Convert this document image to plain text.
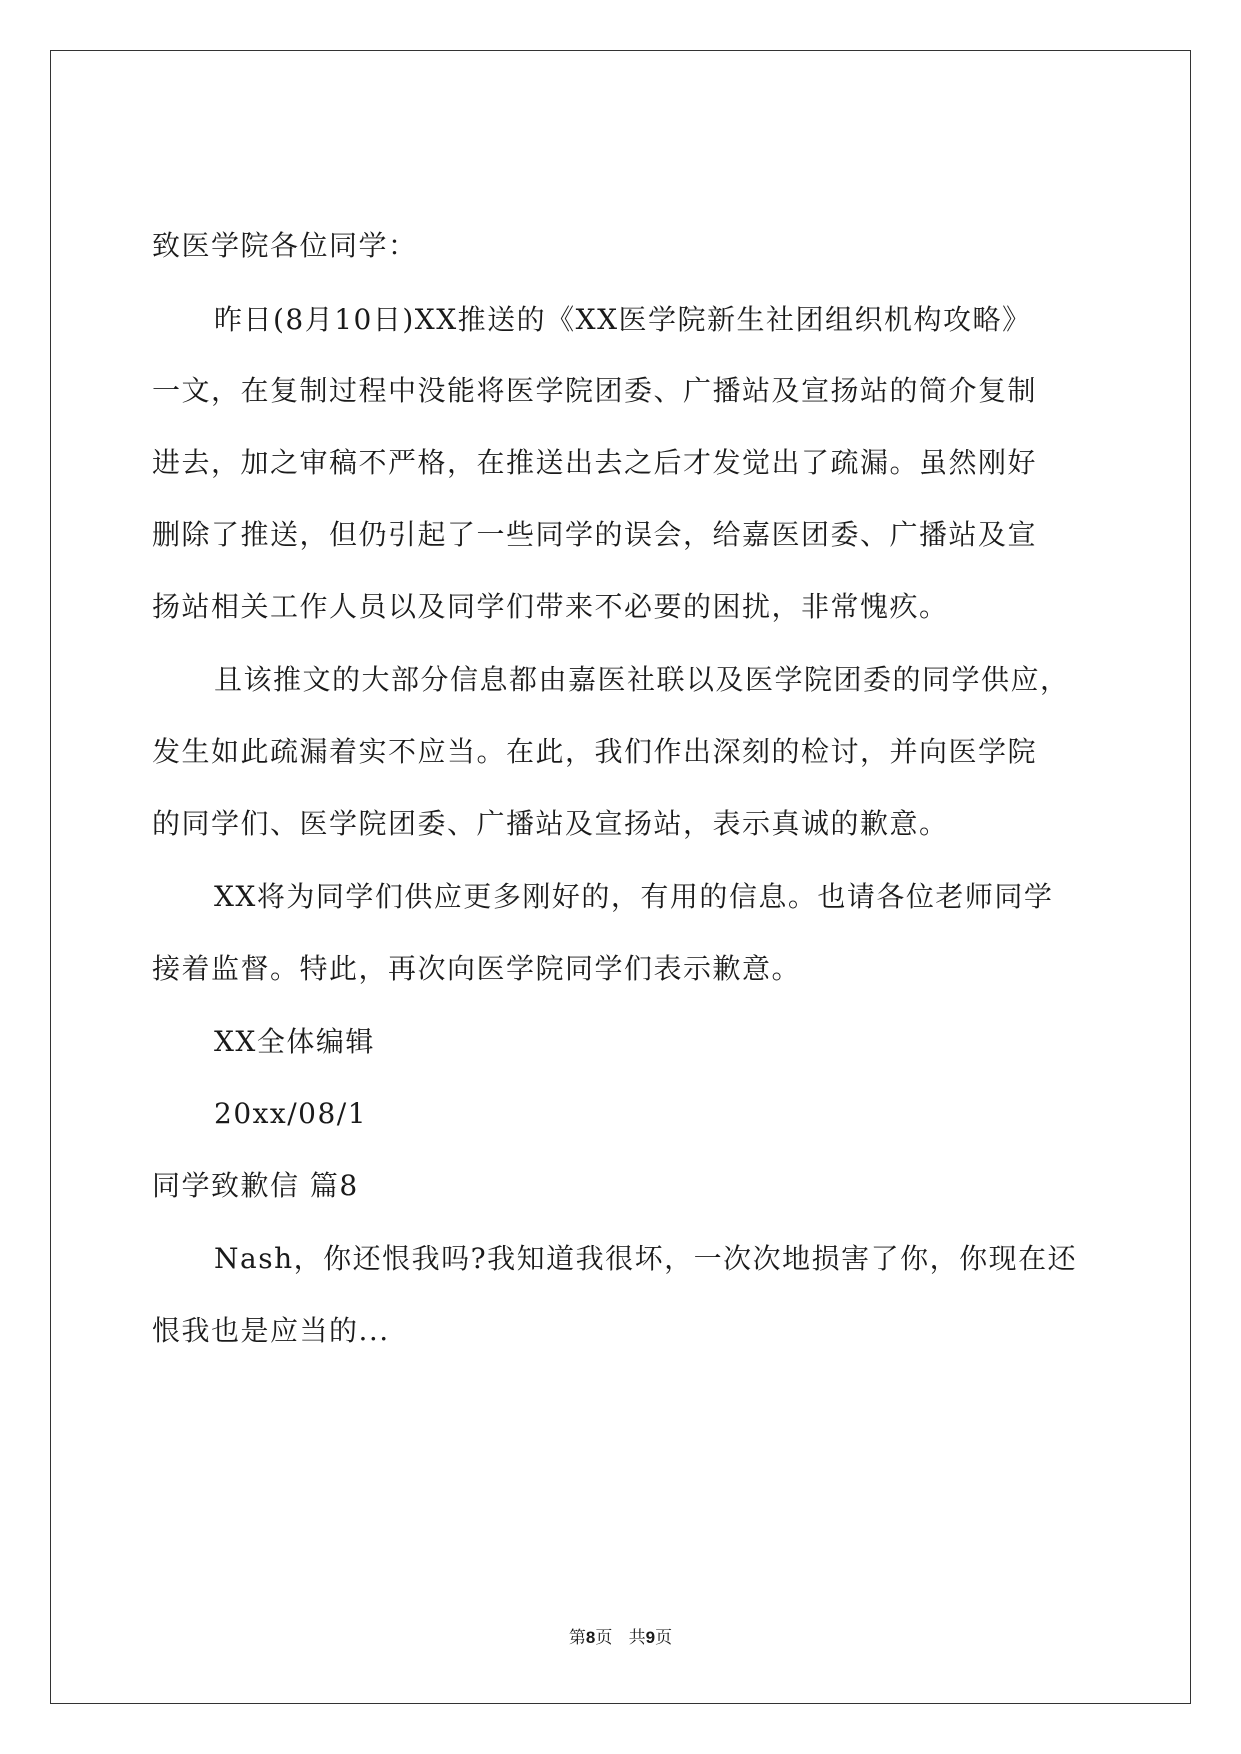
致医学院各位同学：
昨日(8月10日)XX推送的《XX医学院新生社团组织机构攻略》
一文，在复制过程中没能将医学院团委、广播站及宣扬站的简介复制
进去，加之审稿不严格，在推送出去之后才发觉出了疏漏。虽然刚好
删除了推送，但仍引起了一些同学的误会，给嘉医团委、广播站及宣
扬站相关工作人员以及同学们带来不必要的困扰，非常愧疚。
且该推文的大部分信息都由嘉医社联以及医学院团委的同学供应，
发生如此疏漏着实不应当。在此，我们作出深刻的检讨，并向医学院
的同学们、医学院团委、广播站及宣扬站，表示真诚的歉意。
XX将为同学们供应更多刚好的，有用的信息。也请各位老师同学
接着监督。特此，再次向医学院同学们表示歉意。
XX全体编辑
20xx/08/1
同学致歉信 篇8
Nash，你还恨我吗?我知道我很坏，一次次地损害了你，你现在还
恨我也是应当的...
第8页   共9页
